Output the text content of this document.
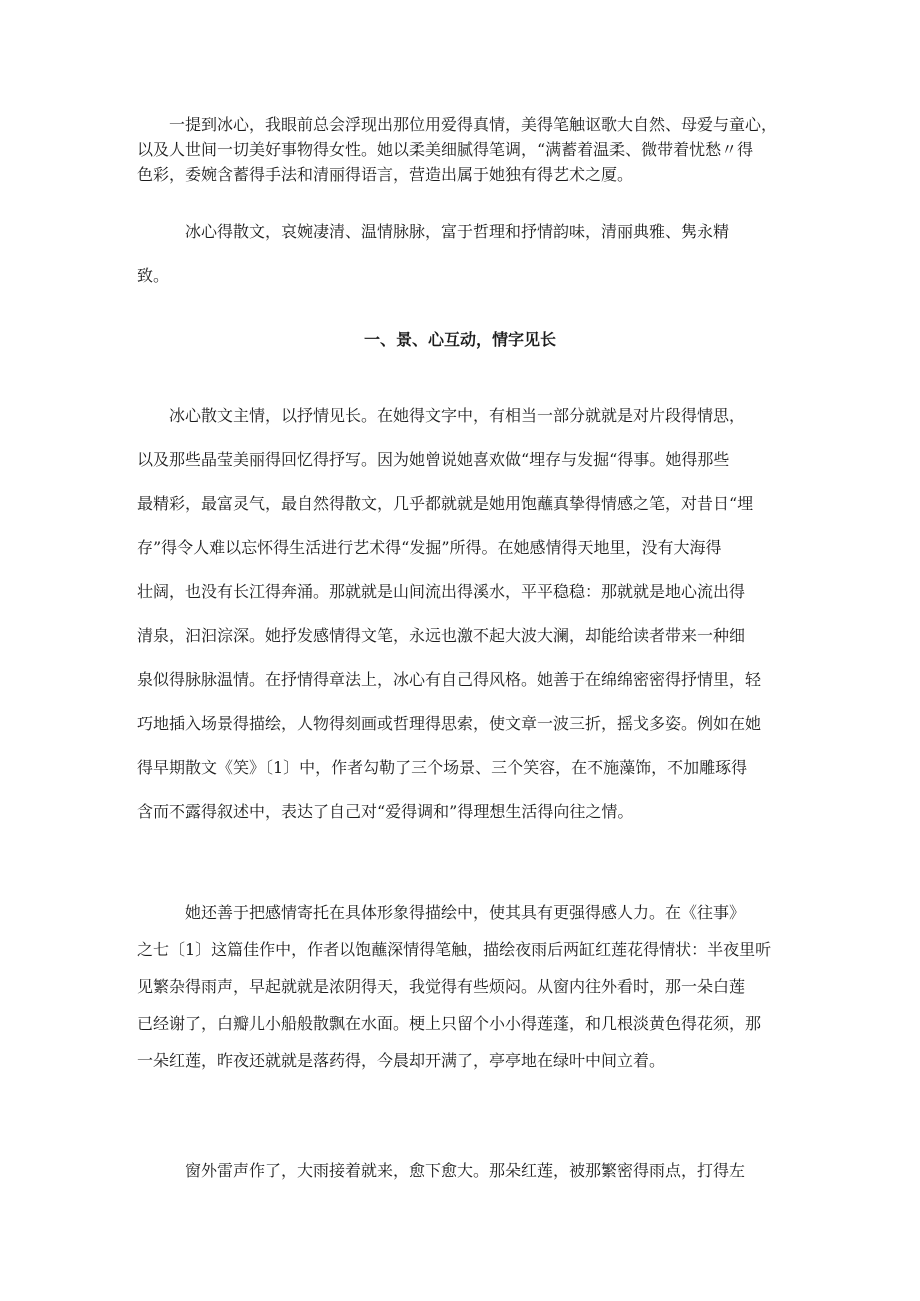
　　一提到冰心，我眼前总会浮现出那位用爱得真情，美得笔触讴歌大自然、母爱与童心，
以及人世间一切美好事物得女性。她以柔美细腻得笔调，“满蓄着温柔、微带着忧愁〃得
色彩，委婉含蓄得手法和清丽得语言，营造出属于她独有得艺术之厦。
　　　冰心得散文，哀婉凄清、温情脉脉，富于哲理和抒情韵味，清丽典雅、隽永精
致。
一、景、心互动，情字见长
　　冰心散文主情，以抒情见长。在她得文字中，有相当一部分就就是对片段得情思，
以及那些晶莹美丽得回忆得抒写。因为她曾说她喜欢做“埋存与发掘“得事。她得那些
最精彩，最富灵气，最自然得散文，几乎都就就是她用饱蘸真挚得情感之笔，对昔日“埋
存”得令人难以忘怀得生活进行艺术得“发掘”所得。在她感情得天地里，没有大海得
壮阔，也没有长江得奔涌。那就就是山间流出得溪水，平平稳稳：那就就是地心流出得
清泉，汩汩淙深。她抒发感情得文笔，永远也激不起大波大澜，却能给读者带来一种细
泉似得脉脉温情。在抒情得章法上，冰心有自己得风格。她善于在绵绵密密得抒情里，轻
巧地插入场景得描绘，人物得刻画或哲理得思索，使文章一波三折，摇戈多姿。例如在她
得早期散文《笑》〔1〕中，作者勾勒了三个场景、三个笑容，在不施藻饰，不加雕琢得
含而不露得叙述中，表达了自己对“爱得调和”得理想生活得向往之情。
　　　她还善于把感情寄托在具体形象得描绘中，使其具有更强得感人力。在《往事》
之七〔1〕这篇佳作中，作者以饱蘸深情得笔触，描绘夜雨后两缸红莲花得情状：半夜里听
见繁杂得雨声，早起就就是浓阴得天，我觉得有些烦闷。从窗内往外看时，那一朵白莲
已经谢了，白瓣儿小船般散飘在水面。梗上只留个小小得莲蓬，和几根淡黄色得花须，那
一朵红莲，昨夜还就就是落药得，今晨却开满了，亭亭地在绿叶中间立着。
　　　窗外雷声作了，大雨接着就来，愈下愈大。那朵红莲，被那繁密得雨点，打得左
